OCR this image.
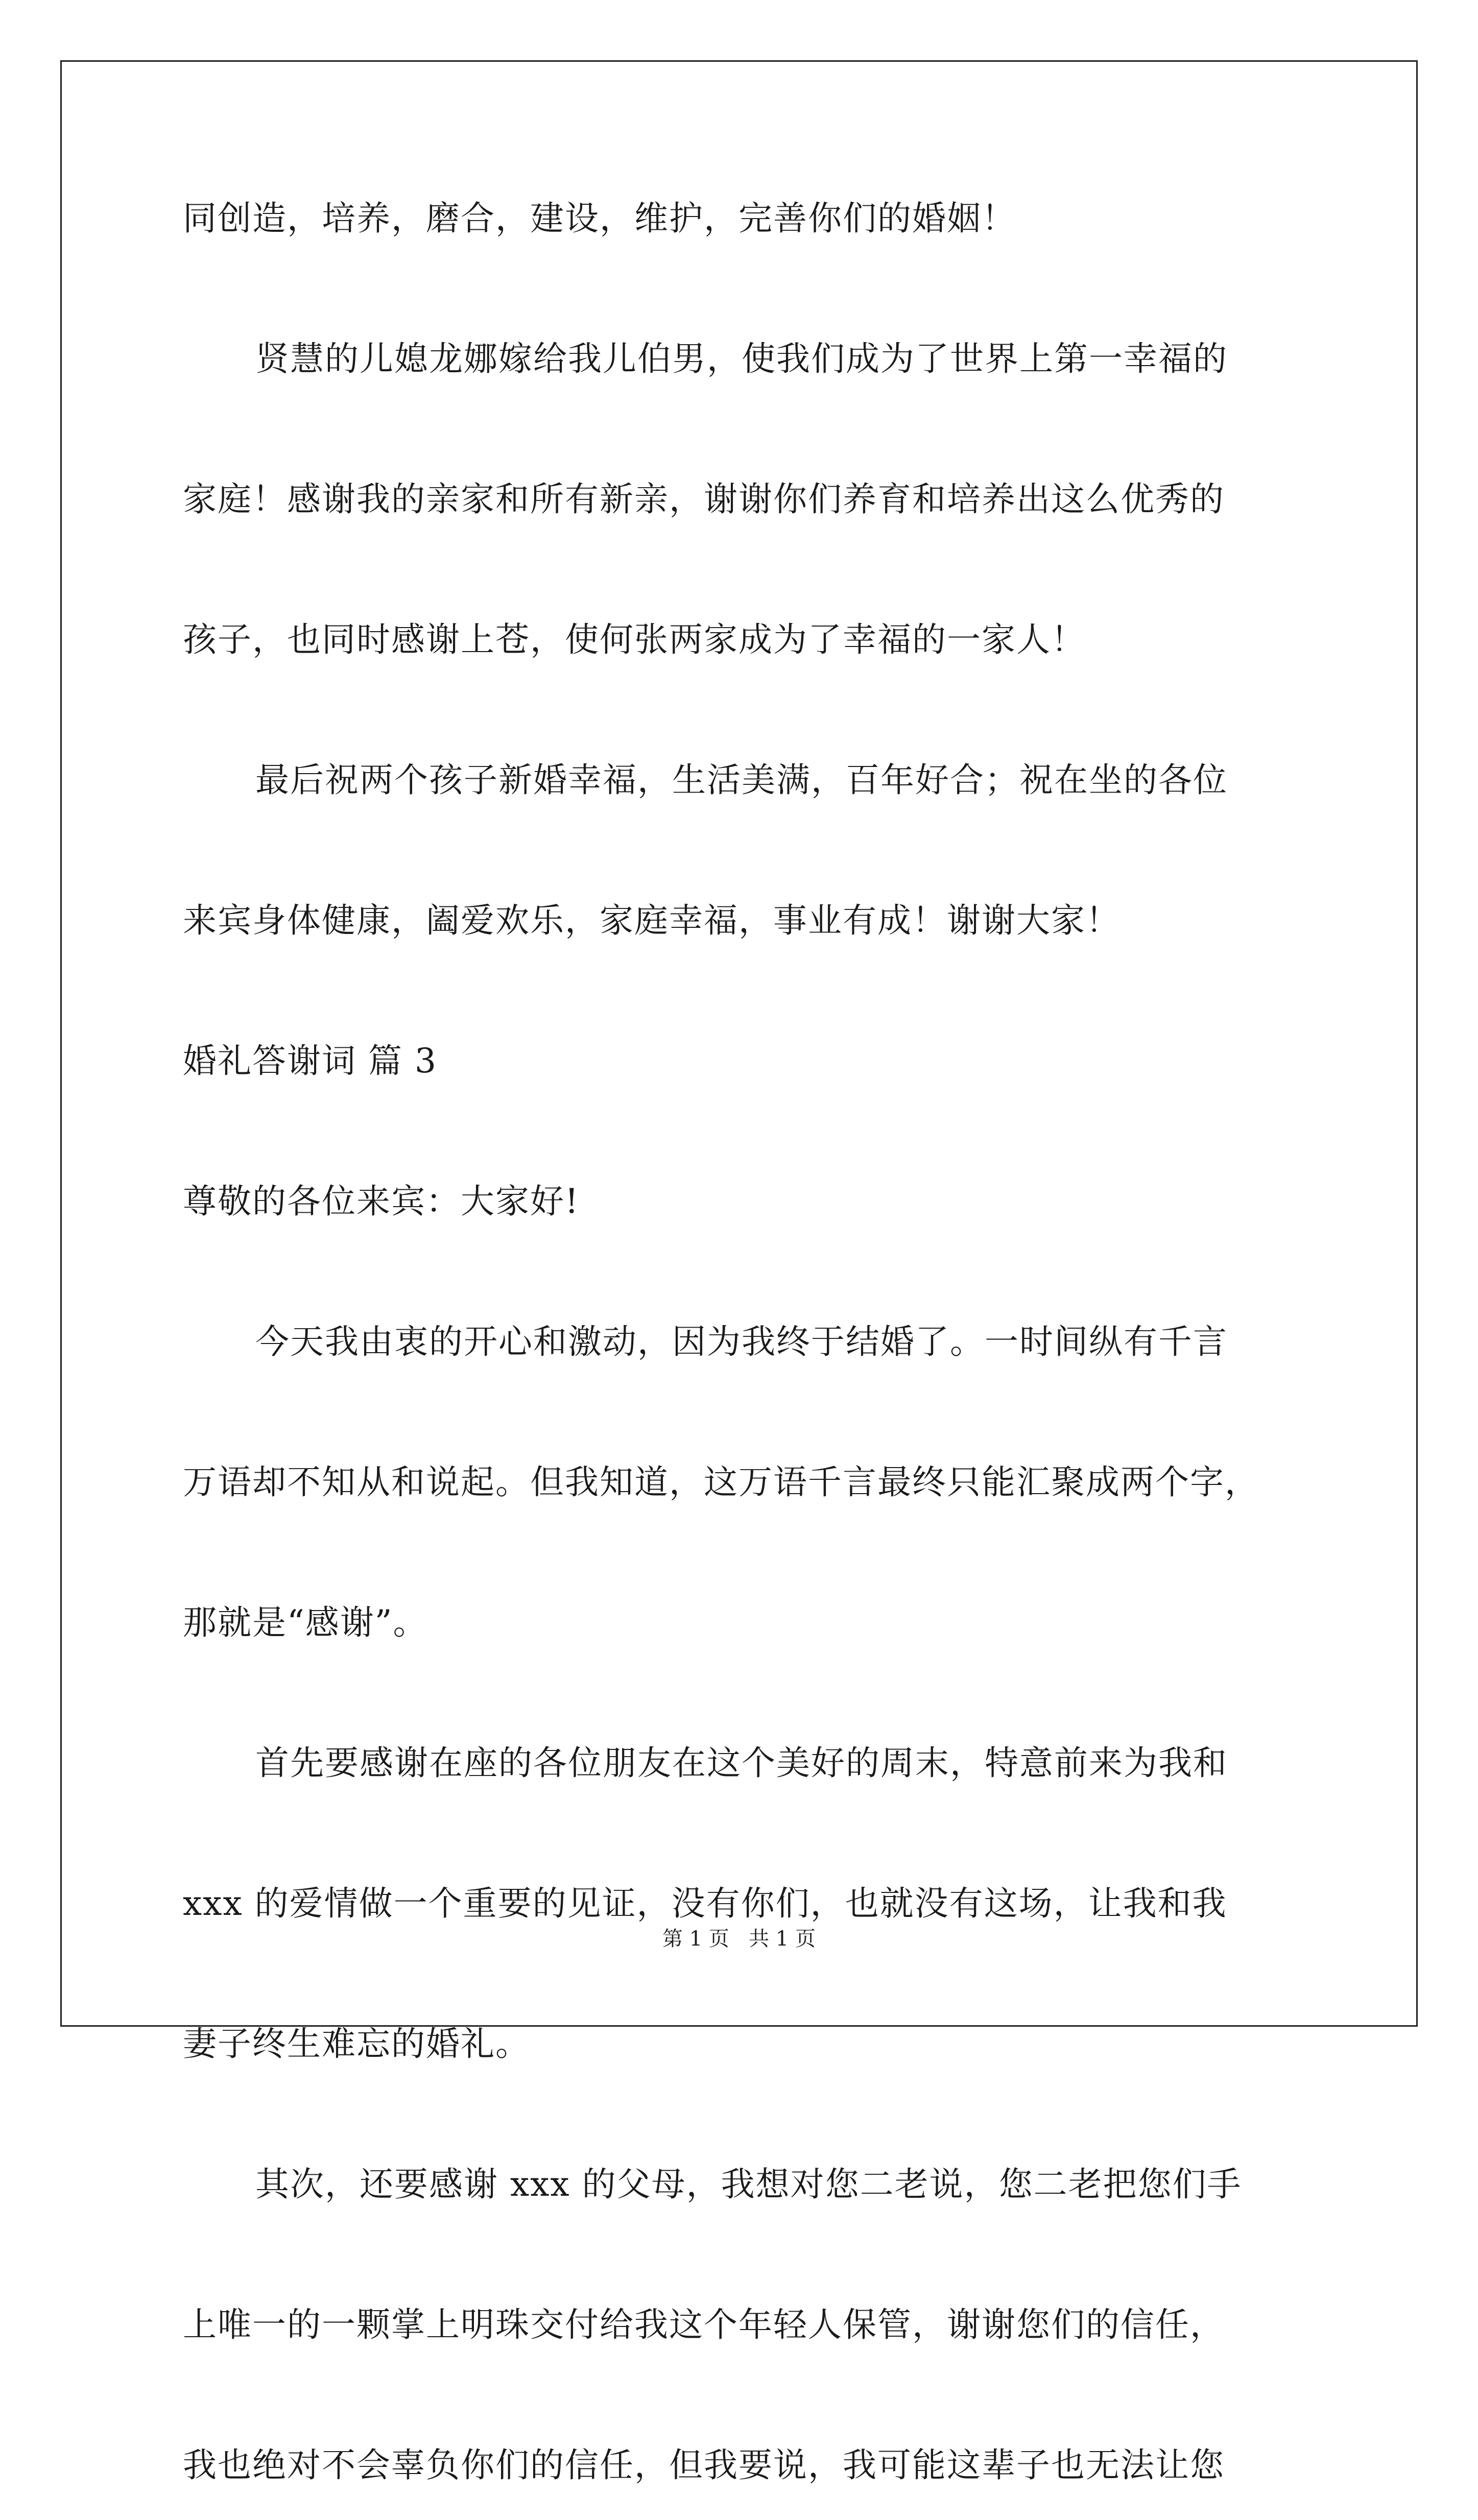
同创造，培养，磨合，建设，维护，完善你们的婚姻！
贤慧的儿媳龙娜嫁给我儿伯男，使我们成为了世界上第一幸福的
家庭！感谢我的亲家和所有新亲，谢谢你们养育和培养出这么优秀的
孩子，也同时感谢上苍，使何张两家成为了幸福的一家人！
最后祝两个孩子新婚幸福，生活美满，百年好合；祝在坐的各位
来宾身体健康，阖爱欢乐，家庭幸福，事业有成！谢谢大家！
婚礼答谢词 篇 3
尊敬的各位来宾：大家好!
今天我由衷的开心和激动，因为我终于结婚了。一时间纵有千言
万语却不知从和说起。但我知道，这万语千言最终只能汇聚成两个字，
那就是“感谢”。
首先要感谢在座的各位朋友在这个美好的周末，特意前来为我和
xxx 的爱情做一个重要的见证，没有你们，也就没有这场，让我和我
妻子终生难忘的婚礼。
其次，还要感谢 xxx 的父母，我想对您二老说，您二老把您们手
上唯一的一颗掌上明珠交付给我这个年轻人保管，谢谢您们的信任，
我也绝对不会辜负你们的信任，但我要说，我可能这辈子也无法让您
第 1 页   共 1 页
